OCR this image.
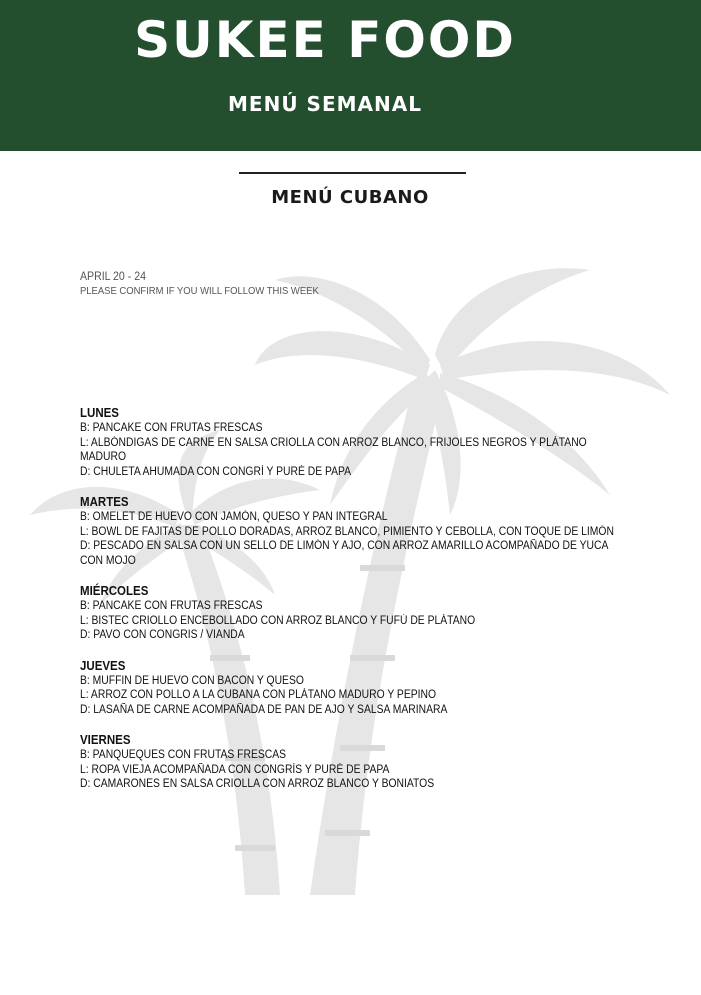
SUKEE FOOD
MENÚ SEMANAL
MENÚ CUBANO
APRIL 20 - 24
PLEASE CONFIRM IF YOU WILL FOLLOW THIS WEEK
LUNES
B: PANCAKE CON FRUTAS FRESCAS
L: ALBÓNDIGAS DE CARNE EN SALSA CRIOLLA CON ARROZ BLANCO, FRIJOLES NEGROS Y PLÁTANO MADURO
D: CHULETA AHUMADA CON CONGRÍ Y PURÉ DE PAPA
MARTES
B: OMELET DE HUEVO CON JAMÓN, QUESO Y PAN INTEGRAL
L: BOWL DE FAJITAS DE POLLO DORADAS, ARROZ BLANCO, PIMIENTO Y CEBOLLA, CON TOQUE DE LIMÓN
D: PESCADO EN SALSA CON UN SELLO DE LIMÓN Y AJO, CON ARROZ AMARILLO ACOMPAÑADO DE YUCA CON MOJO
MIÉRCOLES
B: PANCAKE CON FRUTAS FRESCAS
L: BISTEC CRIOLLO ENCEBOLLADO CON ARROZ BLANCO Y FUFÚ DE PLÁTANO
D: PAVO CON CONGRIS / VIANDA
JUEVES
B: MUFFIN DE HUEVO CON BACON Y QUESO
L: ARROZ CON POLLO A LA CUBANA CON PLÁTANO MADURO Y PEPINO
D: LASAÑA DE CARNE ACOMPAÑADA DE PAN DE AJO Y SALSA MARINARA
VIERNES
B: PANQUEQUES CON FRUTAS FRESCAS
L: ROPA VIEJA ACOMPAÑADA CON CONGRÍS Y PURÉ DE PAPA
D: CAMARONES EN SALSA CRIOLLA CON ARROZ BLANCO Y BONIATOS
